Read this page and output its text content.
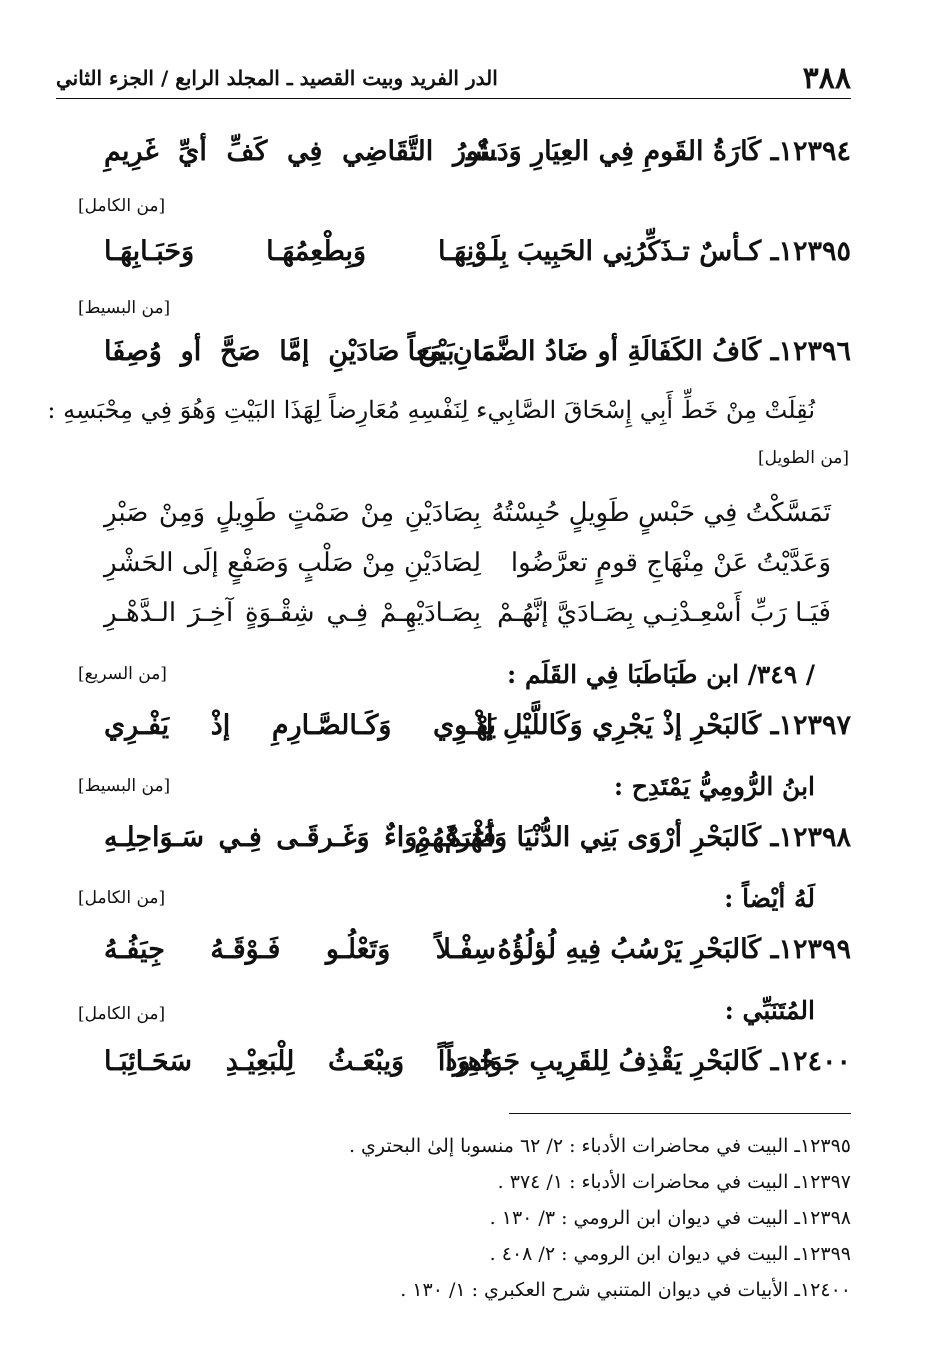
٣٨٨
الدر الفريد وبيت القصيد ـ المجلد الرابع / الجزء الثاني
١٢٣٩٤ـ كَارَةُ القَومِ فِي العِيَارِ وَدَسْـ
ـتُورُ التَّقَاضِي فِي كَفِّ أيِّ غَرِيمِ
[من الكامل]
١٢٣٩٥ـ كـأسٌ تـذَكِّرُنِي الحَبِيبَ بِلَـ
ـوْنِهَـا وَبِطْعِمُهَـا وَحَبَـابِهَـا
[من البسيط]
١٢٣٩٦ـ كَافُ الكَفَالَةِ أو ضَادُ الضَّمَانِ مَعاً
مَا بَيْنَ صَادَيْنِ إمَّا صَحَّ أو وُصِفَا
نُقِلَتْ مِنْ خَطِّ أَبِي إِسْحَاقَ الصَّابِيء لِنَفْسِهِ مُعَارِضاً لِهَذَا البَيْتِ وَهُوَ فِي مِحْبَسِهِ :
[من الطويل]
تَمَسَّكْتُ فِي حَبْسٍ طَوِيلٍ حُبِسْتُهُ
بِصَادَيْنِ مِنْ صَمْتٍ طَوِيلٍ وَمِنْ صَبْرِ
وَعَدَّيْتُ عَنْ مِنْهَاجِ قومٍ تعرَّضُوا
لِصَادَيْنِ مِنْ صَلْبٍ وَصَفْعٍ إلَى الحَشْرِ
فَيَـا رَبِّ أَسْعِـدْنِـي بِصَـادَيَّ إنَّهُـمْ
بِصَـادَيْهِـمْ فِـي شِقْـوَةٍ آخِـرَ الـدَّهْـرِ
/ ٣٤٩/ ابن طَبَاطَبَا فِي القَلَم :
[من السريع]
١٢٣٩٧ـ كَالبَحْرِ إذْ يَجْرِي وَكَاللَّيْلِ إذْ
يَهْـوِي وَكَـالصَّـارِمِ إذْ يَفْـرِي
ابنُ الرُّومِيُّ يَمْتَدِح :
[من البسيط]
١٢٣٩٨ـ كَالبَحْرِ أرْوَى بَنِي الدُّنْيَا وَأغْرَقَهُمْ
فَهُـمْ رِوَاءٌ وَغَـرقَـى فِـي سَـوَاحِلِـهِ
لَهُ أيْضاً :
[من الكامل]
١٢٣٩٩ـ كَالبَحْرِ يَرْسُبُ فِيهِ لُؤلُؤُهُ
سِفْـلاً وَتَعْلُـو فَـوْقَـهُ جِيَفُـهُ
المُتَنَبِّي :
[من الكامل]
١٢٤٠٠ـ كَالبَحْرِ يَقْذِفُ لِلقَرِيبِ جَوَاهِرَاً
جُـوداً وَيبْعَـثُ لِلْبَعِيْـدِ سَحَـائِبَـا
١٢٣٩٥ـ البيت في محاضرات الأدباء : ٢/ ٦٢ منسوبا إلىٰ البحتري .
١٢٣٩٧ـ البيت في محاضرات الأدباء : ١/ ٣٧٤ .
١٢٣٩٨ـ البيت في ديوان ابن الرومي : ٣/ ١٣٠ .
١٢٣٩٩ـ البيت في ديوان ابن الرومي : ٢/ ٤٠٨ .
١٢٤٠٠ـ الأبيات في ديوان المتنبي شرح العكبري : ١/ ١٣٠ .
